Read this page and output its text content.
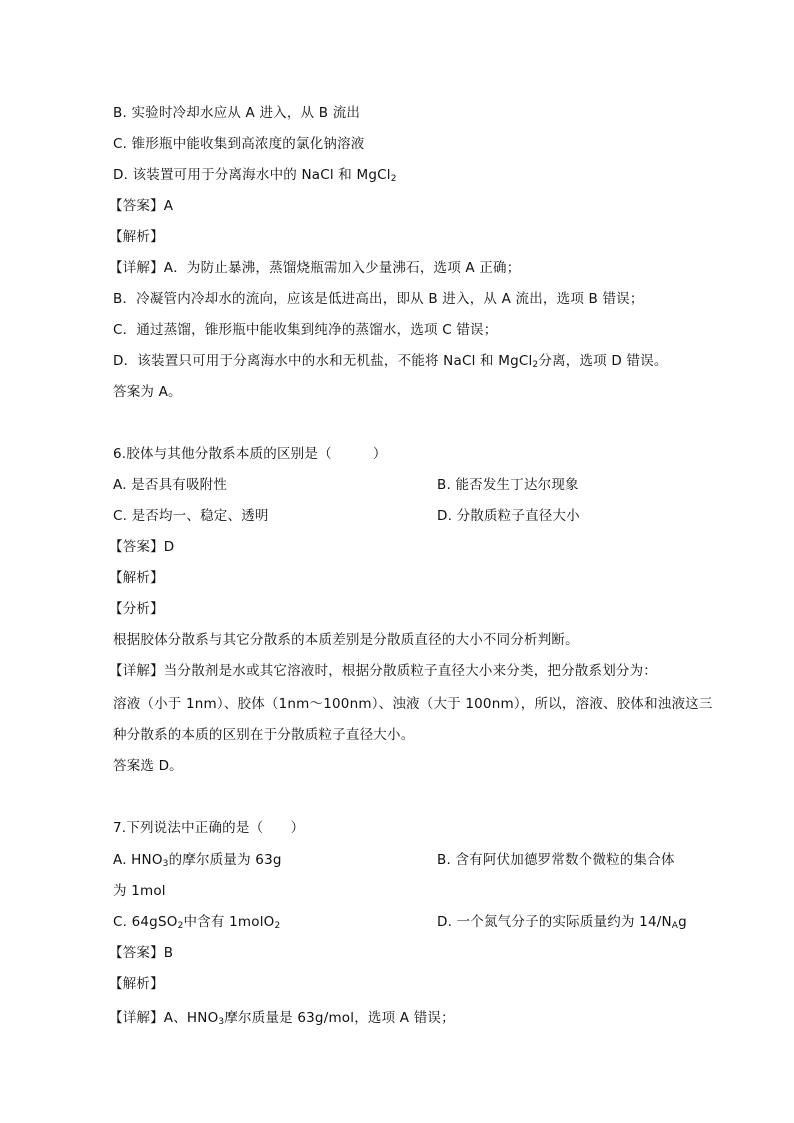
B. 实验时冷却水应从 A 进入，从 B 流出
C. 锥形瓶中能收集到高浓度的氯化钠溶液
D. 该装置可用于分离海水中的 NaCl 和 MgCl$_2$
【答案】A
【解析】
【详解】A．为防止暴沸，蒸馏烧瓶需加入少量沸石，选项 A 正确；
B．冷凝管内冷却水的流向，应该是低进高出，即从 B 进入，从 A 流出，选项 B 错误；
C．通过蒸馏，锥形瓶中能收集到纯净的蒸馏水，选项 C 错误；
D．该装置只可用于分离海水中的水和无机盐，不能将 NaCl 和 MgCl$_2$分离，选项 D 错误。
答案为 A。
6.胶体与其他分散系本质的区别是（　　　）
A. 是否具有吸附性	B. 能否发生丁达尔现象
C. 是否均一、稳定、透明	D. 分散质粒子直径大小
【答案】D
【解析】
【分析】
根据胶体分散系与其它分散系的本质差别是分散质直径的大小不同分析判断。
【详解】当分散剂是水或其它溶液时，根据分散质粒子直径大小来分类，把分散系划分为：
溶液（小于 1nm）、胶体（1nm～100nm）、浊液（大于 100nm），所以，溶液、胶体和浊液这三
种分散系的本质的区别在于分散质粒子直径大小。
答案选 D。
7.下列说法中正确的是（　　）
A. $HNO_3$的摩尔质量为 63g	B. 含有阿伏加德罗常数个微粒的集合体
为 1mol
C. 64gSO$_2$中含有 1molO$_2$	D. 一个氮气分子的实际质量约为 $14/N_Ag$
【答案】B
【解析】
【详解】A、$HNO_3$摩尔质量是 63g/mol，选项 A 错误；
